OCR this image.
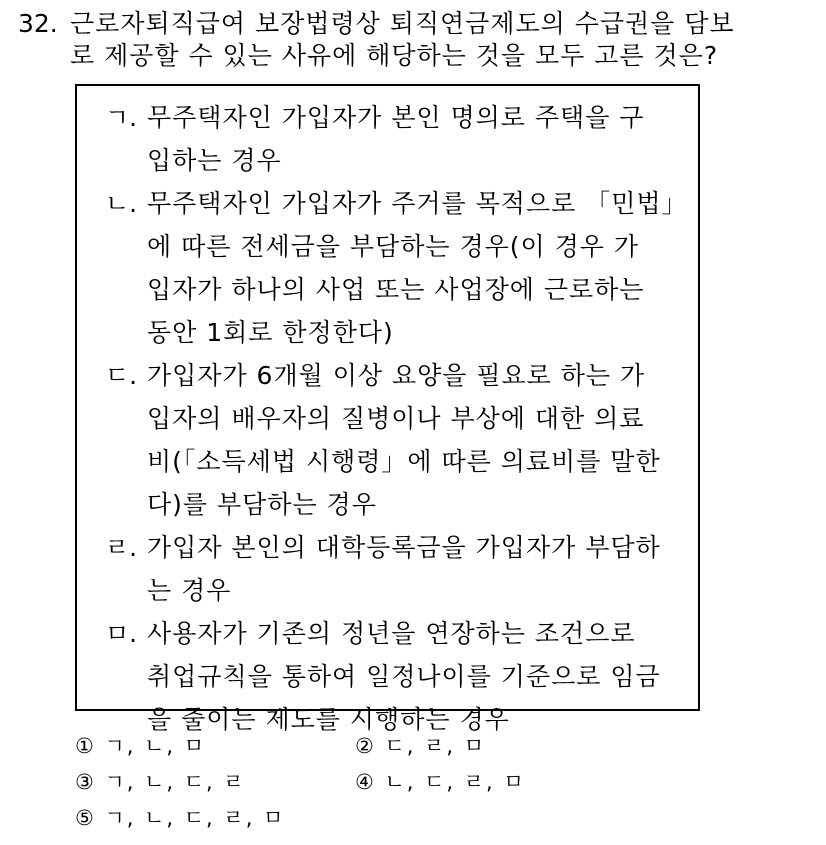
32. 근로자퇴직급여 보장법령상 퇴직연금제도의 수급권을 담보
로 제공할 수 있는 사유에 해당하는 것을 모두 고른 것은?
ㄱ. 무주택자인 가입자가 본인 명의로 주택을 구
입하는 경우
ㄴ. 무주택자인 가입자가 주거를 목적으로 「민법」
에 따른 전세금을 부담하는 경우(이 경우 가
입자가 하나의 사업 또는 사업장에 근로하는
동안 1회로 한정한다)
ㄷ. 가입자가 6개월 이상 요양을 필요로 하는 가
입자의 배우자의 질병이나 부상에 대한 의료
비(「소득세법 시행령」에 따른 의료비를 말한
다)를 부담하는 경우
ㄹ. 가입자 본인의 대학등록금을 가입자가 부담하
는 경우
ㅁ. 사용자가 기존의 정년을 연장하는 조건으로
취업규칙을 통하여 일정나이를 기준으로 임금
을 줄이는 제도를 시행하는 경우
① ㄱ, ㄴ, ㅁ	② ㄷ, ㄹ, ㅁ
③ ㄱ, ㄴ, ㄷ, ㄹ	④ ㄴ, ㄷ, ㄹ, ㅁ
⑤ ㄱ, ㄴ, ㄷ, ㄹ, ㅁ
